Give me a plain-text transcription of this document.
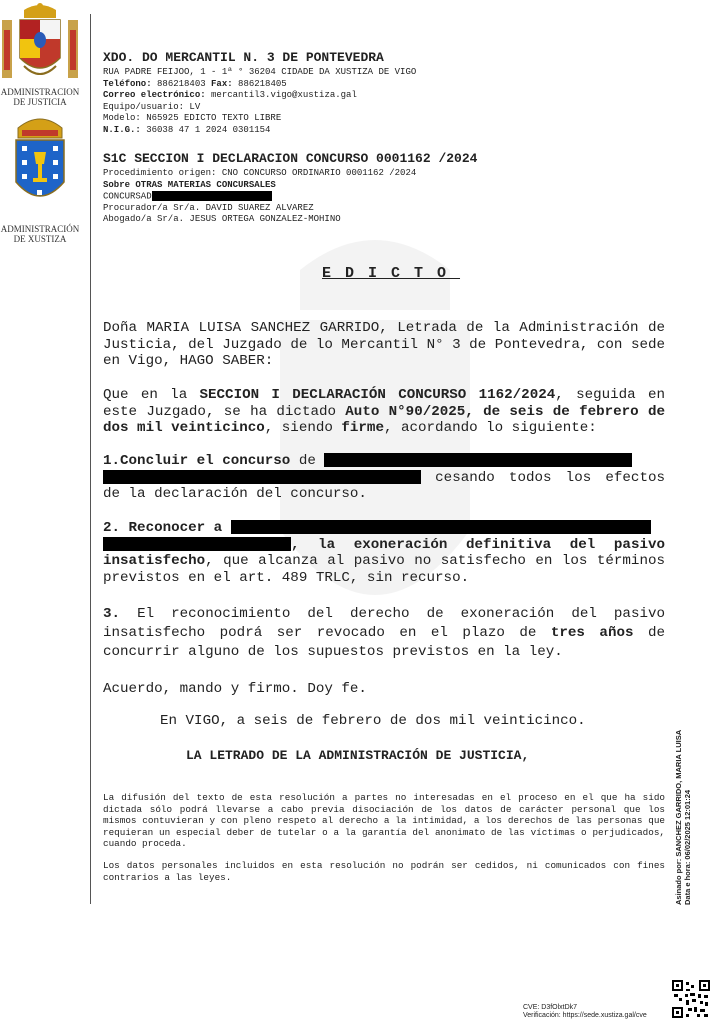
ADMINISTRACION DE JUSTICIA
ADMINISTRACIÓN DE XUSTIZA
XDO. DO MERCANTIL N. 3 DE PONTEVEDRA
RUA PADRE FEIJOO, 1 - 1ª ° 36204 CIDADE DA XUSTIZA DE VIGO
Teléfono: 886218403 Fax: 886218405
Correo electrónico: mercantil3.vigo@xustiza.gal
Equipo/usuario: LV
Modelo: N65925 EDICTO TEXTO LIBRE
N.I.G.: 36038 47 1 2024 0301154
S1C SECCION I DECLARACION CONCURSO 0001162 /2024
Procedimiento origen: CNO CONCURSO ORDINARIO 0001162 /2024
Sobre OTRAS MATERIAS CONCURSALES
CONCURSAD
Procurador/a Sr/a. DAVID SUAREZ ALVAREZ
Abogado/a Sr/a. JESUS ORTEGA GONZALEZ-MOHINO
EDICTO
Doña MARIA LUISA SANCHEZ GARRIDO, Letrada de la Administración de Justicia, del Juzgado de lo Mercantil N° 3 de Pontevedra, con sede en Vigo, HAGO SABER:
Que en la SECCION I DECLARACIÓN CONCURSO 1162/2024, seguida en este Juzgado, se ha dictado Auto N°90/2025, de seis de febrero de dos mil veinticinco, siendo firme, acordando lo siguiente:
1.Concluir el concurso de
cesando todos los efectos de la declaración del concurso.
2. Reconocer a
, la exoneración definitiva del pasivo insatisfecho, que alcanza al pasivo no satisfecho en los términos previstos en el art. 489 TRLC, sin recurso.
3. El reconocimiento del derecho de exoneración del pasivo insatisfecho podrá ser revocado en el plazo de tres años de concurrir alguno de los supuestos previstos en la ley.
Acuerdo, mando y firmo. Doy fe.
En VIGO, a seis de febrero de dos mil veinticinco.
LA LETRADO DE LA ADMINISTRACIÓN DE JUSTICIA,
La difusión del texto de esta resolución a partes no interesadas en el proceso en el que ha sido dictada sólo podrá llevarse a cabo previa disociación de los datos de carácter personal que los mismos contuvieran y con pleno respeto al derecho a la intimidad, a los derechos de las personas que requieran un especial deber de tutelar o a la garantía del anonimato de las víctimas o perjudicados, cuando proceda.
Los datos personales incluidos en esta resolución no podrán ser cedidos, ni comunicados con fines contrarios a las leyes.	Asinado por: SANCHEZ GARRIDO, MARIA LUISA Data e hora: 06/02/2025 12:01:24
CVE: D3fOlxtDk7
Verificación: https://sede.xustiza.gal/cve
